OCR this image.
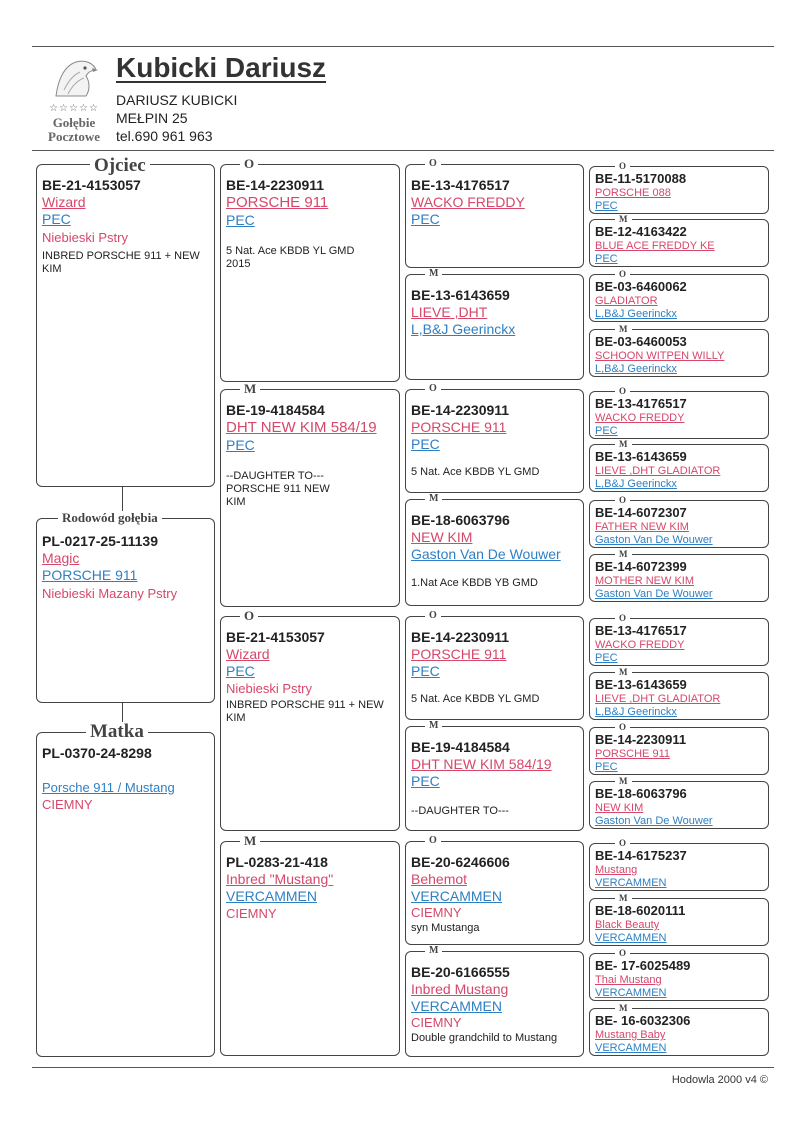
☆☆☆☆☆
Gołębie
Pocztowe
Kubicki Dariusz
DARIUSZ KUBICKI
MEŁPIN 25
tel.690 961 963
BE-21-4153057
Wizard
PEC
Niebieski Pstry
INBRED PORSCHE 911 + NEW KIM
Ojciec
PL-0217-25-11139
Magic
PORSCHE 911
Niebieski Mazany Pstry
Rodowód gołębia
PL-0370-24-8298
Porsche 911 / Mustang
CIEMNY
Matka
BE-14-2230911
PORSCHE 911
PEC
5 Nat. Ace KBDB YL GMD 2015
O
BE-19-4184584
DHT NEW KIM 584/19
PEC
--DAUGHTER TO--- PORSCHE 911 NEW KIM
M
BE-21-4153057
Wizard
PEC
Niebieski Pstry
INBRED PORSCHE 911 + NEW KIM
O
PL-0283-21-418
Inbred "Mustang"
VERCAMMEN
CIEMNY
M
BE-13-4176517
WACKO FREDDY
PEC
O
BE-13-6143659
LIEVE ,DHT
L,B&J Geerinckx
M
BE-14-2230911
PORSCHE 911
PEC
5 Nat. Ace KBDB YL GMD
O
BE-18-6063796
NEW KIM
Gaston Van De Wouwer
1.Nat Ace KBDB YB GMD
M
BE-14-2230911
PORSCHE 911
PEC
5 Nat. Ace KBDB YL GMD
O
BE-19-4184584
DHT NEW KIM 584/19
PEC
--DAUGHTER TO---
M
BE-20-6246606
Behemot
VERCAMMEN
CIEMNY
syn Mustanga
O
BE-20-6166555
Inbred Mustang
VERCAMMEN
CIEMNY
Double grandchild to Mustang
M
BE-11-5170088
PORSCHE 088
PEC
O
BE-12-4163422
BLUE ACE FREDDY KE
PEC
M
BE-03-6460062
GLADIATOR
L,B&J Geerinckx
O
BE-03-6460053
SCHOON WITPEN WILLY
L,B&J Geerinckx
M
BE-13-4176517
WACKO FREDDY
PEC
O
BE-13-6143659
LIEVE ,DHT GLADIATOR
L,B&J Geerinckx
M
BE-14-6072307
FATHER NEW KIM
Gaston Van De Wouwer
O
BE-14-6072399
MOTHER NEW KIM
Gaston Van De Wouwer
M
BE-13-4176517
WACKO FREDDY
PEC
O
BE-13-6143659
LIEVE ,DHT GLADIATOR
L,B&J Geerinckx
M
BE-14-2230911
PORSCHE 911
PEC
O
BE-18-6063796
NEW KIM
Gaston Van De Wouwer
M
BE-14-6175237
Mustang
VERCAMMEN
O
BE-18-6020111
Black Beauty
VERCAMMEN
M
BE- 17-6025489
Thai Mustang
VERCAMMEN
O
BE- 16-6032306
Mustang Baby
VERCAMMEN
M
Hodowla 2000 v4 ©
